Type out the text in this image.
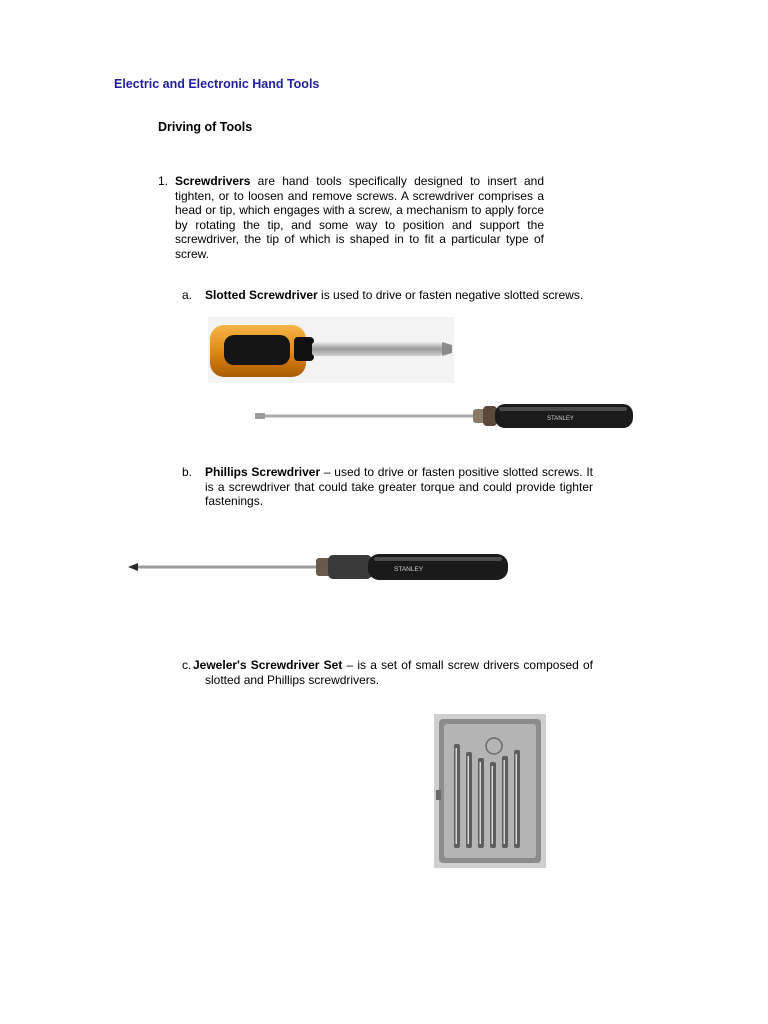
Electric and Electronic Hand Tools
Driving of Tools
1. Screwdrivers are hand tools specifically designed to insert and tighten, or to loosen and remove screws. A screwdriver comprises a head or tip, which engages with a screw, a mechanism to apply force by rotating the tip, and some way to position and support the screwdriver, the tip of which is shaped in to fit a particular type of screw.
a. Slotted Screwdriver is used to drive or fasten negative slotted screws.
STANLEY
b. Phillips Screwdriver – used to drive or fasten positive slotted screws. It is a screwdriver that could take greater torque and could provide tighter fastenings.
STANLEY
c. Jeweler's Screwdriver Set – is a set of small screw drivers composed of slotted and Phillips screwdrivers.
